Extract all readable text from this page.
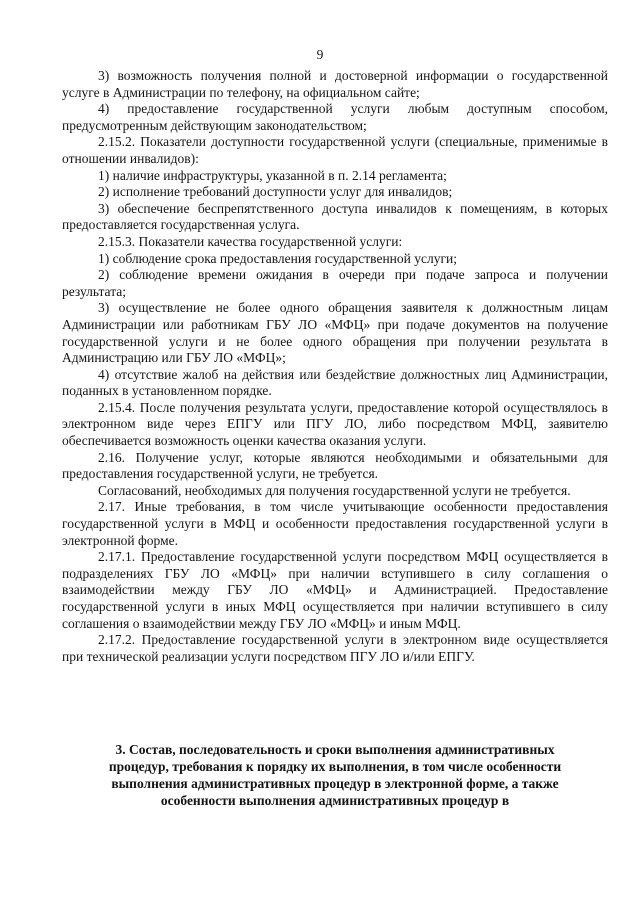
9

3) возможность получения полной и достоверной информации о государственной услуге в Администрации по телефону, на официальном сайте;

4) предоставление государственной услуги любым доступным способом, предусмотренным действующим законодательством;

2.15.2. Показатели доступности государственной услуги (специальные, применимые в отношении инвалидов):

1) наличие инфраструктуры, указанной в п. 2.14 регламента;

2) исполнение требований доступности услуг для инвалидов;

3) обеспечение беспрепятственного доступа инвалидов к помещениям, в которых предоставляется государственная услуга.

2.15.3. Показатели качества государственной услуги:

1) соблюдение срока предоставления государственной услуги;

2) соблюдение времени ожидания в очереди при подаче запроса и получении результата;

3) осуществление не более одного обращения заявителя к должностным лицам Администрации или работникам ГБУ ЛО «МФЦ» при подаче документов на получение государственной услуги и не более одного обращения при получении результата в Администрацию или ГБУ ЛО «МФЦ»;

4) отсутствие жалоб на действия или бездействие должностных лиц Администрации, поданных в установленном порядке.

2.15.4. После получения результата услуги, предоставление которой осуществлялось в электронном виде через ЕПГУ или ПГУ ЛО, либо посредством МФЦ, заявителю обеспечивается возможность оценки качества оказания услуги.

2.16. Получение услуг, которые являются необходимыми и обязательными для предоставления государственной услуги, не требуется.

Согласований, необходимых для получения государственной услуги не требуется.

2.17. Иные требования, в том числе учитывающие особенности предоставления государственной услуги в МФЦ и особенности предоставления государственной услуги в электронной форме.

2.17.1. Предоставление государственной услуги посредством МФЦ осуществляется в подразделениях ГБУ ЛО «МФЦ» при наличии вступившего в силу соглашения о взаимодействии между ГБУ ЛО «МФЦ» и Администрацией. Предоставление государственной услуги в иных МФЦ осуществляется при наличии вступившего в силу соглашения о взаимодействии между ГБУ ЛО «МФЦ» и иным МФЦ.

2.17.2. Предоставление государственной услуги в электронном виде осуществляется при технической реализации услуги посредством ПГУ ЛО и/или ЕПГУ.

3. Состав, последовательность и сроки выполнения административных

процедур, требования к порядку их выполнения, в том числе особенности

выполнения административных процедур в электронной форме, а также

особенности выполнения административных процедур в
